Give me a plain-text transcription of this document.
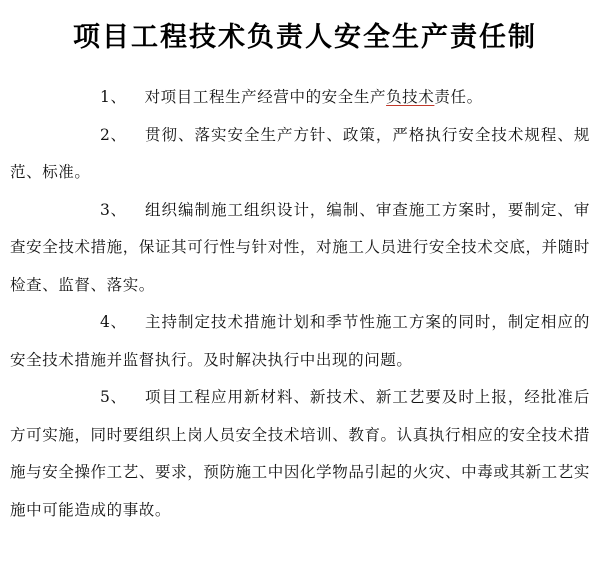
项目工程技术负责人安全生产责任制

1、 对项目工程生产经营中的安全生产负技术责任。

2、 贯彻、落实安全生产方针、政策，严格执行安全技术规程、规范、标准。

3、 组织编制施工组织设计，编制、审查施工方案时，要制定、审查安全技术措施，保证其可行性与针对性，对施工人员进行安全技术交底，并随时检查、监督、落实。

4、 主持制定技术措施计划和季节性施工方案的同时，制定相应的安全技术措施并监督执行。及时解决执行中出现的问题。

5、 项目工程应用新材料、新技术、新工艺要及时上报，经批准后方可实施，同时要组织上岗人员安全技术培训、教育。认真执行相应的安全技术措施与安全操作工艺、要求，预防施工中因化学物品引起的火灾、中毒或其新工艺实施中可能造成的事故。
